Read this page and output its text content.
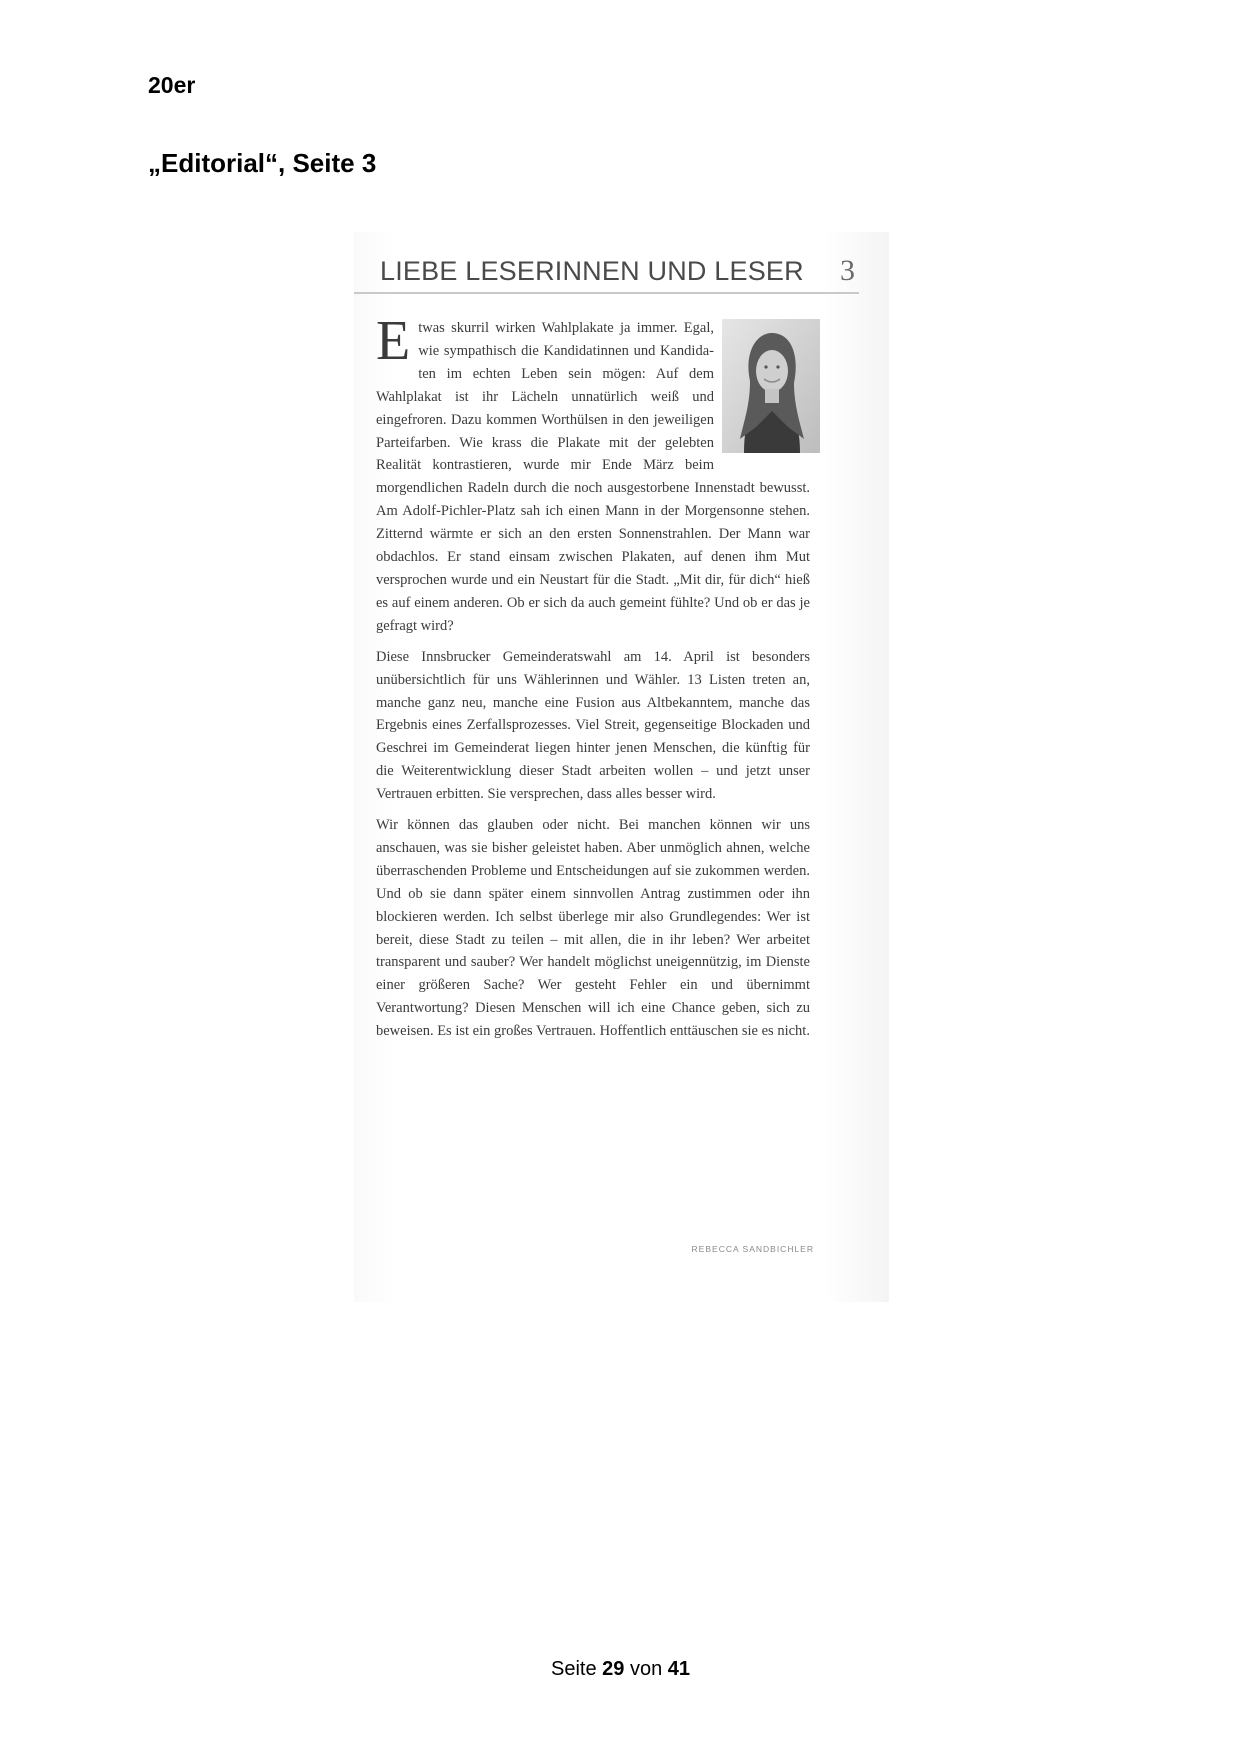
20er
„Editorial“, Seite 3
LIEBE LESERINNEN UND LESER 3

E twas skurril wirken Wahlplakate ja immer. Egal, wie sympathisch die Kandidatinnen und Kandidaten im echten Leben sein mögen: Auf dem Wahlplakat ist ihr Lächeln unnatürlich weiß und eingefroren. Dazu kommen Worthülsen in den jeweiligen Parteifarben. Wie krass die Plakate mit der gelebten Realität kontrastieren, wurde mir Ende März beim morgendlichen Radeln durch die noch ausgestorbene Innenstadt bewusst. Am Adolf-Pichler-Platz sah ich einen Mann in der Morgensonne stehen. Zitternd wärmte er sich an den ersten Sonnenstrahlen. Der Mann war obdachlos. Er stand einsam zwischen Plakaten, auf denen ihm Mut versprochen wurde und ein Neustart für die Stadt. „Mit dir, für dich“ hieß es auf einem anderen. Ob er sich da auch gemeint fühlte? Und ob er das je gefragt wird?

Diese Innsbrucker Gemeinderatswahl am 14. April ist besonders unübersichtlich für uns Wählerinnen und Wähler. 13 Listen treten an, manche ganz neu, manche eine Fusion aus Altbekanntem, manche das Ergebnis eines Zerfallsprozesses. Viel Streit, gegenseitige Blockaden und Geschrei im Gemeinderat liegen hinter jenen Menschen, die künftig für die Weiterentwicklung dieser Stadt arbeiten wollen – und jetzt unser Vertrauen erbitten. Sie versprechen, dass alles besser wird.

Wir können das glauben oder nicht. Bei manchen können wir uns anschauen, was sie bisher geleistet haben. Aber unmöglich ahnen, welche überraschenden Probleme und Entscheidungen auf sie zukommen werden. Und ob sie dann später einem sinnvollen Antrag zustimmen oder ihn blockieren werden. Ich selbst überlege mir also Grundlegendes: Wer ist bereit, diese Stadt zu teilen – mit allen, die in ihr leben? Wer arbeitet transparent und sauber? Wer handelt möglichst uneigennützig, im Dienste einer größeren Sache? Wer gesteht Fehler ein und übernimmt Verantwortung? Diesen Menschen will ich eine Chance geben, sich zu beweisen. Es ist ein großes Vertrauen. Hoffentlich enttäuschen sie es nicht.

REBECCA SANDBICHLER
Seite 29 von 41
